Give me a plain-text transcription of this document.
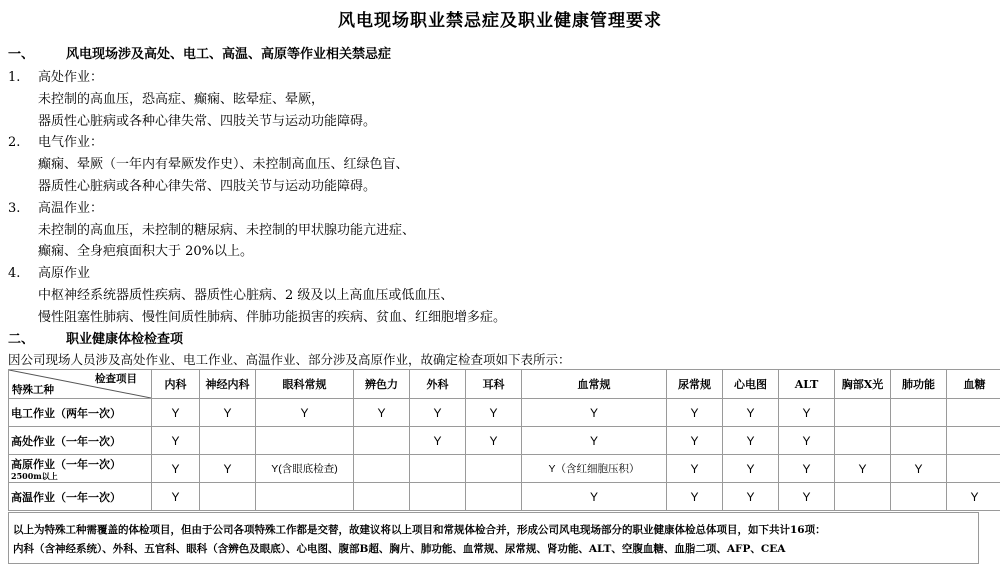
风电现场职业禁忌症及职业健康管理要求
一、 风电现场涉及高处、电工、高温、高原等作业相关禁忌症
1. 高处作业：
未控制的高血压，恐高症、癫痫、眩晕症、晕厥，
器质性心脏病或各种心律失常、四肢关节与运动功能障碍。
2. 电气作业：
癫痫、晕厥（一年内有晕厥发作史）、未控制高血压、红绿色盲、
器质性心脏病或各种心律失常、四肢关节与运动功能障碍。
3. 高温作业：
未控制的高血压，未控制的糖尿病、未控制的甲状腺功能亢进症、
癫痫、全身疤痕面积大于 20%以上。
4. 高原作业
中枢神经系统器质性疾病、器质性心脏病、2 级及以上高血压或低血压、
慢性阻塞性肺病、慢性间质性肺病、伴肺功能损害的疾病、贫血、红细胞增多症。
二、 职业健康体检检查项
因公司现场人员涉及高处作业、电工作业、高温作业、部分涉及高原作业，故确定检查项如下表所示：
检查项目
特殊工种	内科	神经内科	眼科常规	辨色力	外科	耳科	血常规	尿常规	心电图	ALT	胸部X光	肺功能	血糖
电工作业（两年一次）	Y	Y	Y	Y	Y	Y	Y	Y	Y	Y			
高处作业（一年一次）	Y				Y	Y	Y	Y	Y	Y			
高原作业（一年一次）
2500m以上	Y	Y	Y(含眼底检查)				Y（含红细胞压积）	Y	Y	Y	Y	Y	
高温作业（一年一次）	Y						Y	Y	Y	Y			Y
以上为特殊工种需覆盖的体检项目，但由于公司各项特殊工作都是交替，故建议将以上项目和常规体检合并，形成公司风电现场部分的职业健康体检总体项目，如下共计16项：
内科（含神经系统）、外科、五官科、眼科（含辨色及眼底）、心电图、腹部B超、胸片、肺功能、血常规、尿常规、肾功能、ALT、空腹血糖、血脂二项、AFP、CEA
